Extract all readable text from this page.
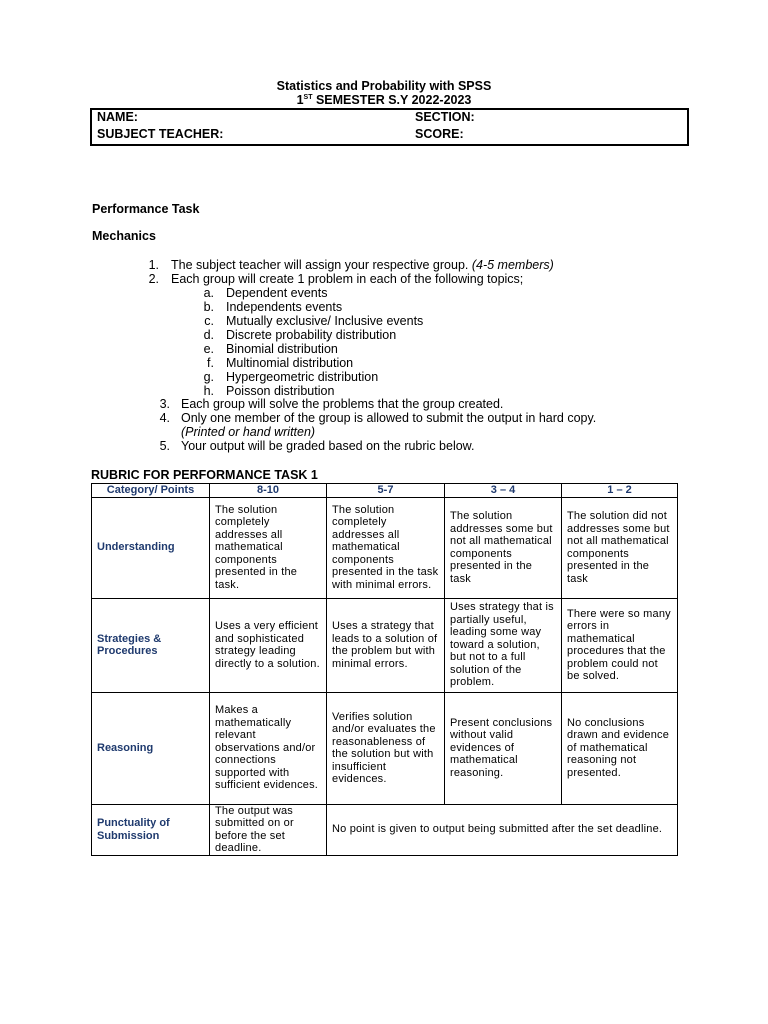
Statistics and Probability with SPSS
1ST SEMESTER S.Y 2022-2023
NAME:	SECTION:
SUBJECT TEACHER:	SCORE:
Performance Task
Mechanics
1. The subject teacher will assign your respective group. (4-5 members)
2. Each group will create 1 problem in each of the following topics;
a. Dependent events
b. Independents events
c. Mutually exclusive/ Inclusive events
d. Discrete probability distribution
e. Binomial distribution
f. Multinomial distribution
g. Hypergeometric distribution
h. Poisson distribution
3. Each group will solve the problems that the group created.
4. Only one member of the group is allowed to submit the output in hard copy.
(Printed or hand written)
5. Your output will be graded based on the rubric below.
RUBRIC FOR PERFORMANCE TASK 1
Category/ Points	8-10	5-7	3 – 4	1 – 2
Understanding	The solution completely addresses all mathematical components presented in the task.	The solution completely addresses all mathematical components presented in the task with minimal errors.	The solution addresses some but not all mathematical components presented in the task	The solution did not addresses some but not all mathematical components presented in the task
Strategies & Procedures	Uses a very efficient and sophisticated strategy leading directly to a solution.	Uses a strategy that leads to a solution of the problem but with minimal errors.	Uses strategy that is partially useful, leading some way toward a solution, but not to a full solution of the problem.	There were so many errors in mathematical procedures that the problem could not be solved.
Reasoning	Makes a mathematically relevant observations and/or connections supported with sufficient evidences.	Verifies solution and/or evaluates the reasonableness of the solution but with insufficient evidences.	Present conclusions without valid evidences of mathematical reasoning.	No conclusions drawn and evidence of mathematical reasoning not presented.
Punctuality of Submission	The output was submitted on or before the set deadline.	No point is given to output being submitted after the set deadline.		
